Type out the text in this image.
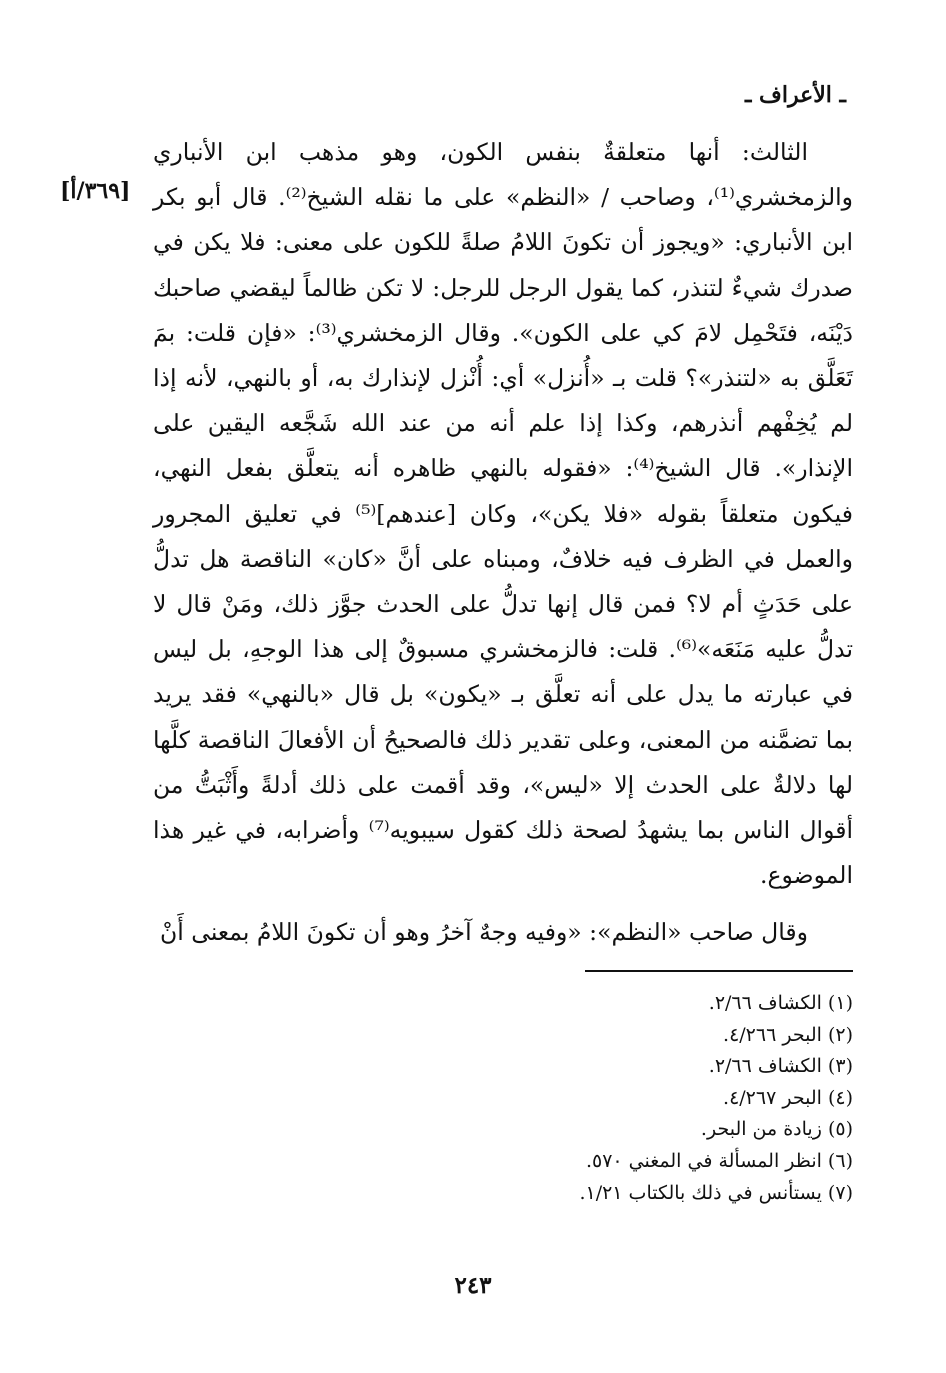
ـ الأعراف ـ
[٣٦٩/أ]

الثالث: أنها متعلقةٌ بنفس الكون، وهو مذهب ابن الأنباري والزمخشري⁽¹⁾، وصاحب / «النظم» على ما نقله الشيخ⁽²⁾. قال أبو بكر ابن الأنباري: «ويجوز أن تكونَ اللامُ صلةً للكون على معنى: فلا يكن في صدرك شيءٌ لتنذر، كما يقول الرجل للرجل: لا تكن ظالماً ليقضي صاحبك دَيْنَه، فتَحْمِل لامَ كي على الكون». وقال الزمخشري⁽³⁾: «فإن قلت: بمَ تَعَلَّق به «لتنذر»؟ قلت بـ «أُنزل» أي: أُنْزل لإنذارك به، أو بالنهي، لأنه إذا لم يُخِفْهم أنذرهم، وكذا إذا علم أنه من عند الله شَجَّعه اليقين على الإنذار». قال الشيخ⁽⁴⁾: «فقوله بالنهي ظاهره أنه يتعلَّق بفعل النهي، فيكون متعلقاً بقوله «فلا يكن»، وكان [عندهم]⁽⁵⁾ في تعليق المجرور والعمل في الظرف فيه خلافٌ، ومبناه على أنَّ «كان» الناقصة هل تدلُّ على حَدَثٍ أم لا؟ فمن قال إنها تدلُّ على الحدث جوَّز ذلك، ومَنْ قال لا تدلُّ عليه مَنَعَه»⁽⁶⁾. قلت: فالزمخشري مسبوقٌ إلى هذا الوجهِ، بل ليس في عبارته ما يدل على أنه تعلَّق بـ «يكون» بل قال «بالنهي» فقد يريد بما تضمَّنه من المعنى، وعلى تقدير ذلك فالصحيحُ أن الأفعالَ الناقصة كلَّها لها دلالةٌ على الحدث إلا «ليس»، وقد أقمت على ذلك أدلةً وأَثْبَتُّ من أقوال الناس بما يشهدُ لصحة ذلك كقول سيبويه⁽⁷⁾ وأضرابه، في غير هذا الموضوع.

وقال صاحب «النظم»: «وفيه وجهٌ آخرُ وهو أن تكونَ اللامُ بمعنى أَنْ

(١) الكشاف ٢/٦٦.
(٢) البحر ٤/٢٦٦.
(٣) الكشاف ٢/٦٦.
(٤) البحر ٤/٢٦٧.
(٥) زيادة من البحر.
(٦) انظر المسألة في المغني ٥٧٠.
(٧) يستأنس في ذلك بالكتاب ١/٢١.
٢٤٣
